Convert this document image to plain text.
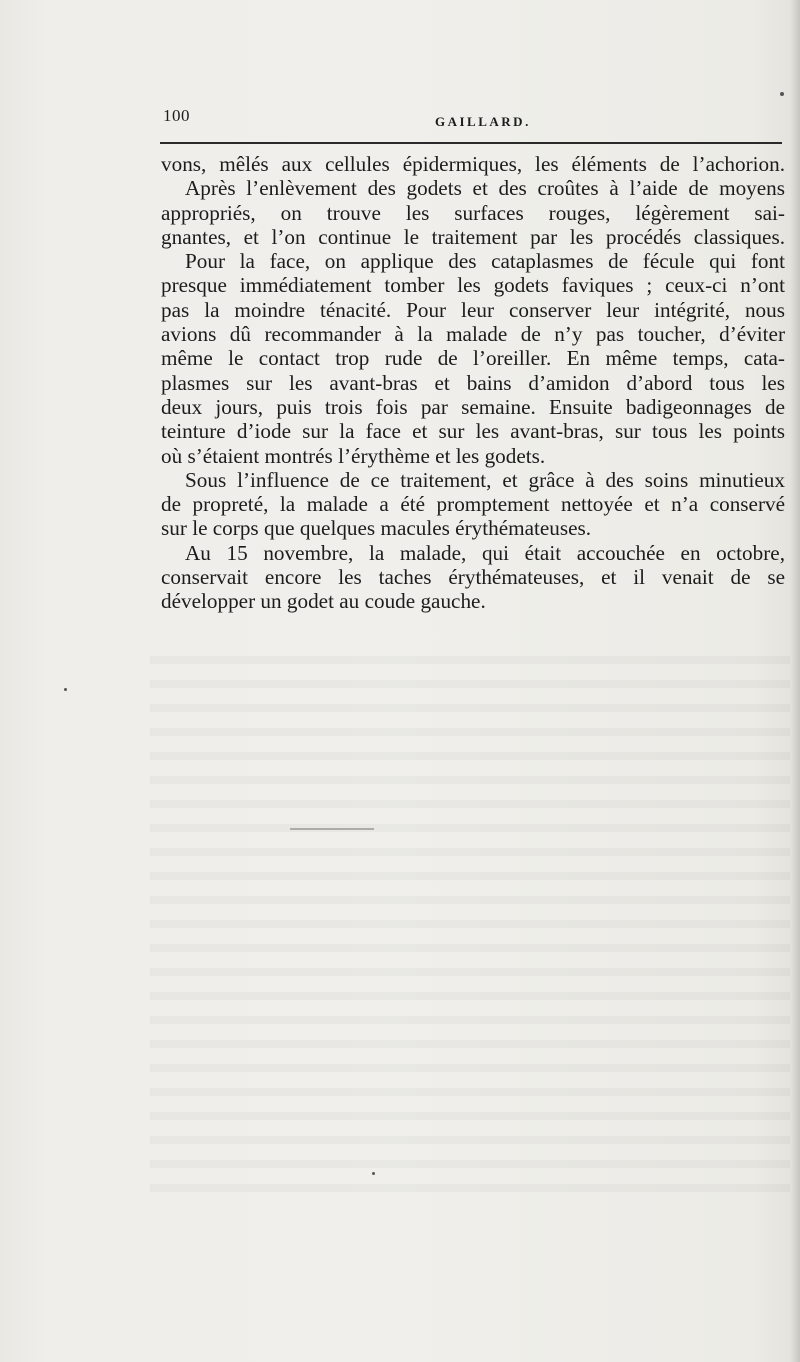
100	GAILLARD.
vons, mêlés aux cellules épidermiques, les éléments de l’achorion.
Après l’enlèvement des godets et des croûtes à l’aide de moyens
appropriés, on trouve les surfaces rouges, légèrement sai-
gnantes, et l’on continue le traitement par les procédés classiques.
Pour la face, on applique des cataplasmes de fécule qui font
presque immédiatement tomber les godets faviques ; ceux-ci n’ont
pas la moindre ténacité. Pour leur conserver leur intégrité, nous
avions dû recommander à la malade de n’y pas toucher, d’éviter
même le contact trop rude de l’oreiller. En même temps, cata-
plasmes sur les avant-bras et bains d’amidon d’abord tous les
deux jours, puis trois fois par semaine. Ensuite badigeonnages de
teinture d’iode sur la face et sur les avant-bras, sur tous les points
où s’étaient montrés l’érythème et les godets.
Sous l’influence de ce traitement, et grâce à des soins minutieux
de propreté, la malade a été promptement nettoyée et n’a conservé
sur le corps que quelques macules érythémateuses.
Au 15 novembre, la malade, qui était accouchée en octobre,
conservait encore les taches érythémateuses, et il venait de se
développer un godet au coude gauche.
